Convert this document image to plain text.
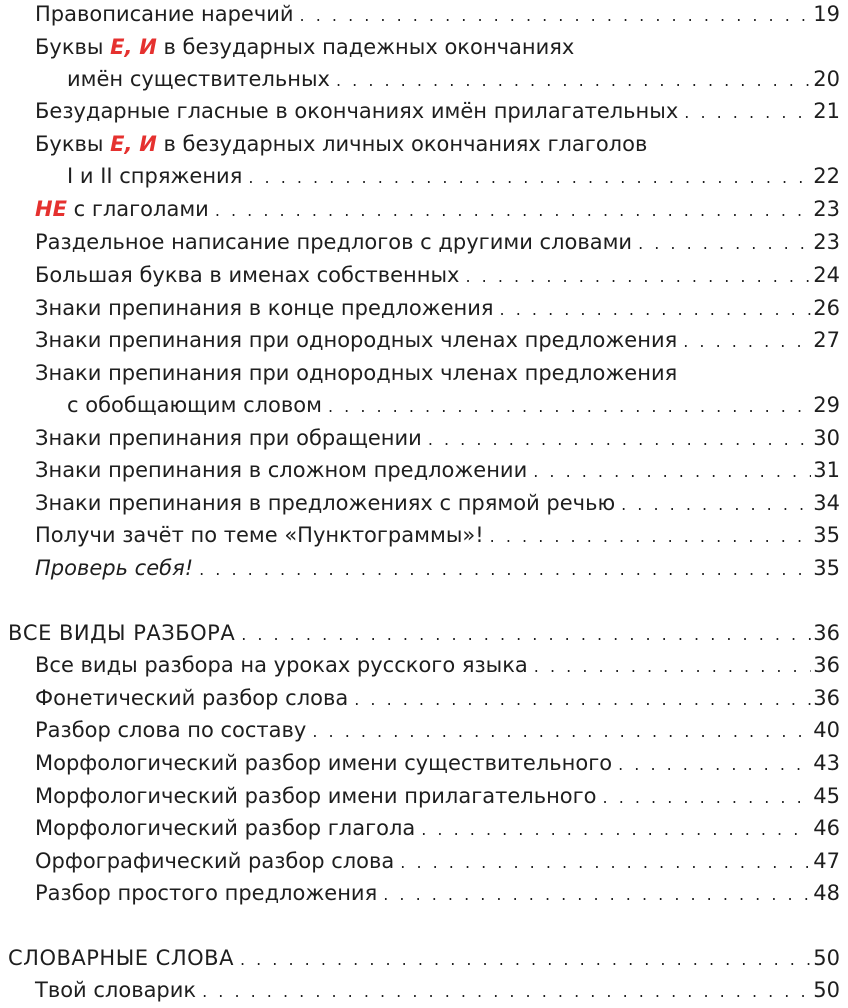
Правописание наречий . . .	19
Буквы Е, И в безударных падежных окончаниях
имён существительных . . .	20
Безударные гласные в окончаниях имён прилагательных . . .	21
Буквы Е, И в безударных личных окончаниях глаголов
I и II спряжения . . .	22
НЕ с глаголами . . .	23
Раздельное написание предлогов с другими словами . . .	23
Большая буква в именах собственных . . .	24
Знаки препинания в конце предложения . . .	26
Знаки препинания при однородных членах предложения . . .	27
Знаки препинания при однородных членах предложения
с обобщающим словом . . .	29
Знаки препинания при обращении . . .	30
Знаки препинания в сложном предложении . . .	31
Знаки препинания в предложениях с прямой речью . . .	34
Получи зачёт по теме «Пунктограммы»! . . .	35
Проверь себя! . . .	35
ВСЕ ВИДЫ РАЗБОРА . . .	36
Все виды разбора на уроках русского языка . . .	36
Фонетический разбор слова . . .	36
Разбор слова по составу . . .	40
Морфологический разбор имени существительного . . .	43
Морфологический разбор имени прилагательного . . .	45
Морфологический разбор глагола . . .	46
Орфографический разбор слова . . .	47
Разбор простого предложения . . .	48
СЛОВАРНЫЕ СЛОВА . . .	50
Твой словарик . . .	50
